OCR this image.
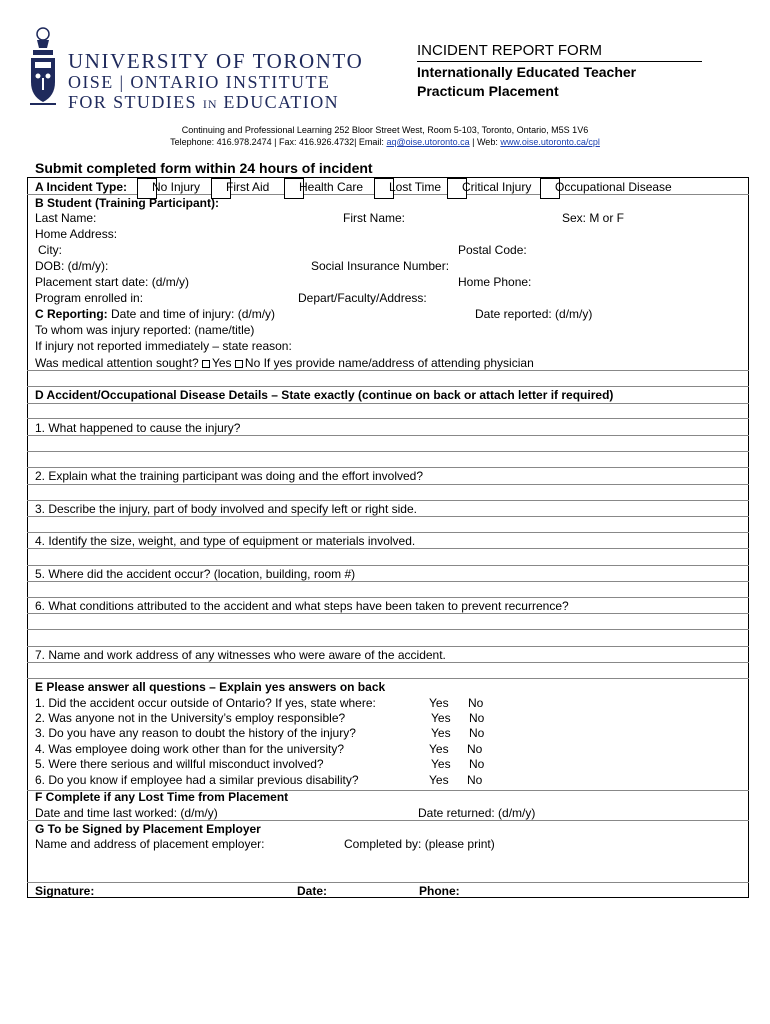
UNIVERSITY OF TORONTO
OISE | ONTARIO INSTITUTE
FOR STUDIES IN EDUCATION
INCIDENT REPORT FORM
Internationally Educated Teacher
Practicum Placement
Continuing and Professional Learning 252 Bloor Street West, Room 5-103, Toronto, Ontario, M5S 1V6
Telephone: 416.978.2474 | Fax: 416.926.4732| Email: aq@oise.utoronto.ca | Web: www.oise.utoronto.ca/cpl
Submit completed form within 24 hours of incident
A Incident Type: No Injury First Aid Health Care Lost Time Critical Injury Occupational Disease
B Student (Training Participant):
Last Name:	First Name:	Sex: M or F
Home Address:
City:	Postal Code:
DOB: (d/m/y):	Social Insurance Number:
Placement start date: (d/m/y)	Home Phone:
Program enrolled in:	Depart/Faculty/Address:
C Reporting: Date and time of injury: (d/m/y)	Date reported: (d/m/y)
To whom was injury reported: (name/title)
If injury not reported immediately – state reason:
Was medical attention sought? Yes No If yes provide name/address of attending physician
D Accident/Occupational Disease Details – State exactly (continue on back or attach letter if required)
1. What happened to cause the injury?
2. Explain what the training participant was doing and the effort involved?
3. Describe the injury, part of body involved and specify left or right side.
4. Identify the size, weight, and type of equipment or materials involved.
5. Where did the accident occur? (location, building, room #)
6. What conditions attributed to the accident and what steps have been taken to prevent recurrence?
7. Name and work address of any witnesses who were aware of the accident.
E Please answer all questions – Explain yes answers on back
1. Did the accident occur outside of Ontario? If yes, state where:	Yes No
2. Was anyone not in the University’s employ responsible?	Yes No
3. Do you have any reason to doubt the history of the injury?	Yes No
4. Was employee doing work other than for the university?	Yes No
5. Were there serious and willful misconduct involved?	Yes No
6. Do you know if employee had a similar previous disability?	Yes No
F Complete if any Lost Time from Placement
Date and time last worked: (d/m/y)	Date returned: (d/m/y)
G To be Signed by Placement Employer
Name and address of placement employer:	Completed by: (please print)
Signature:	Date:	Phone:
